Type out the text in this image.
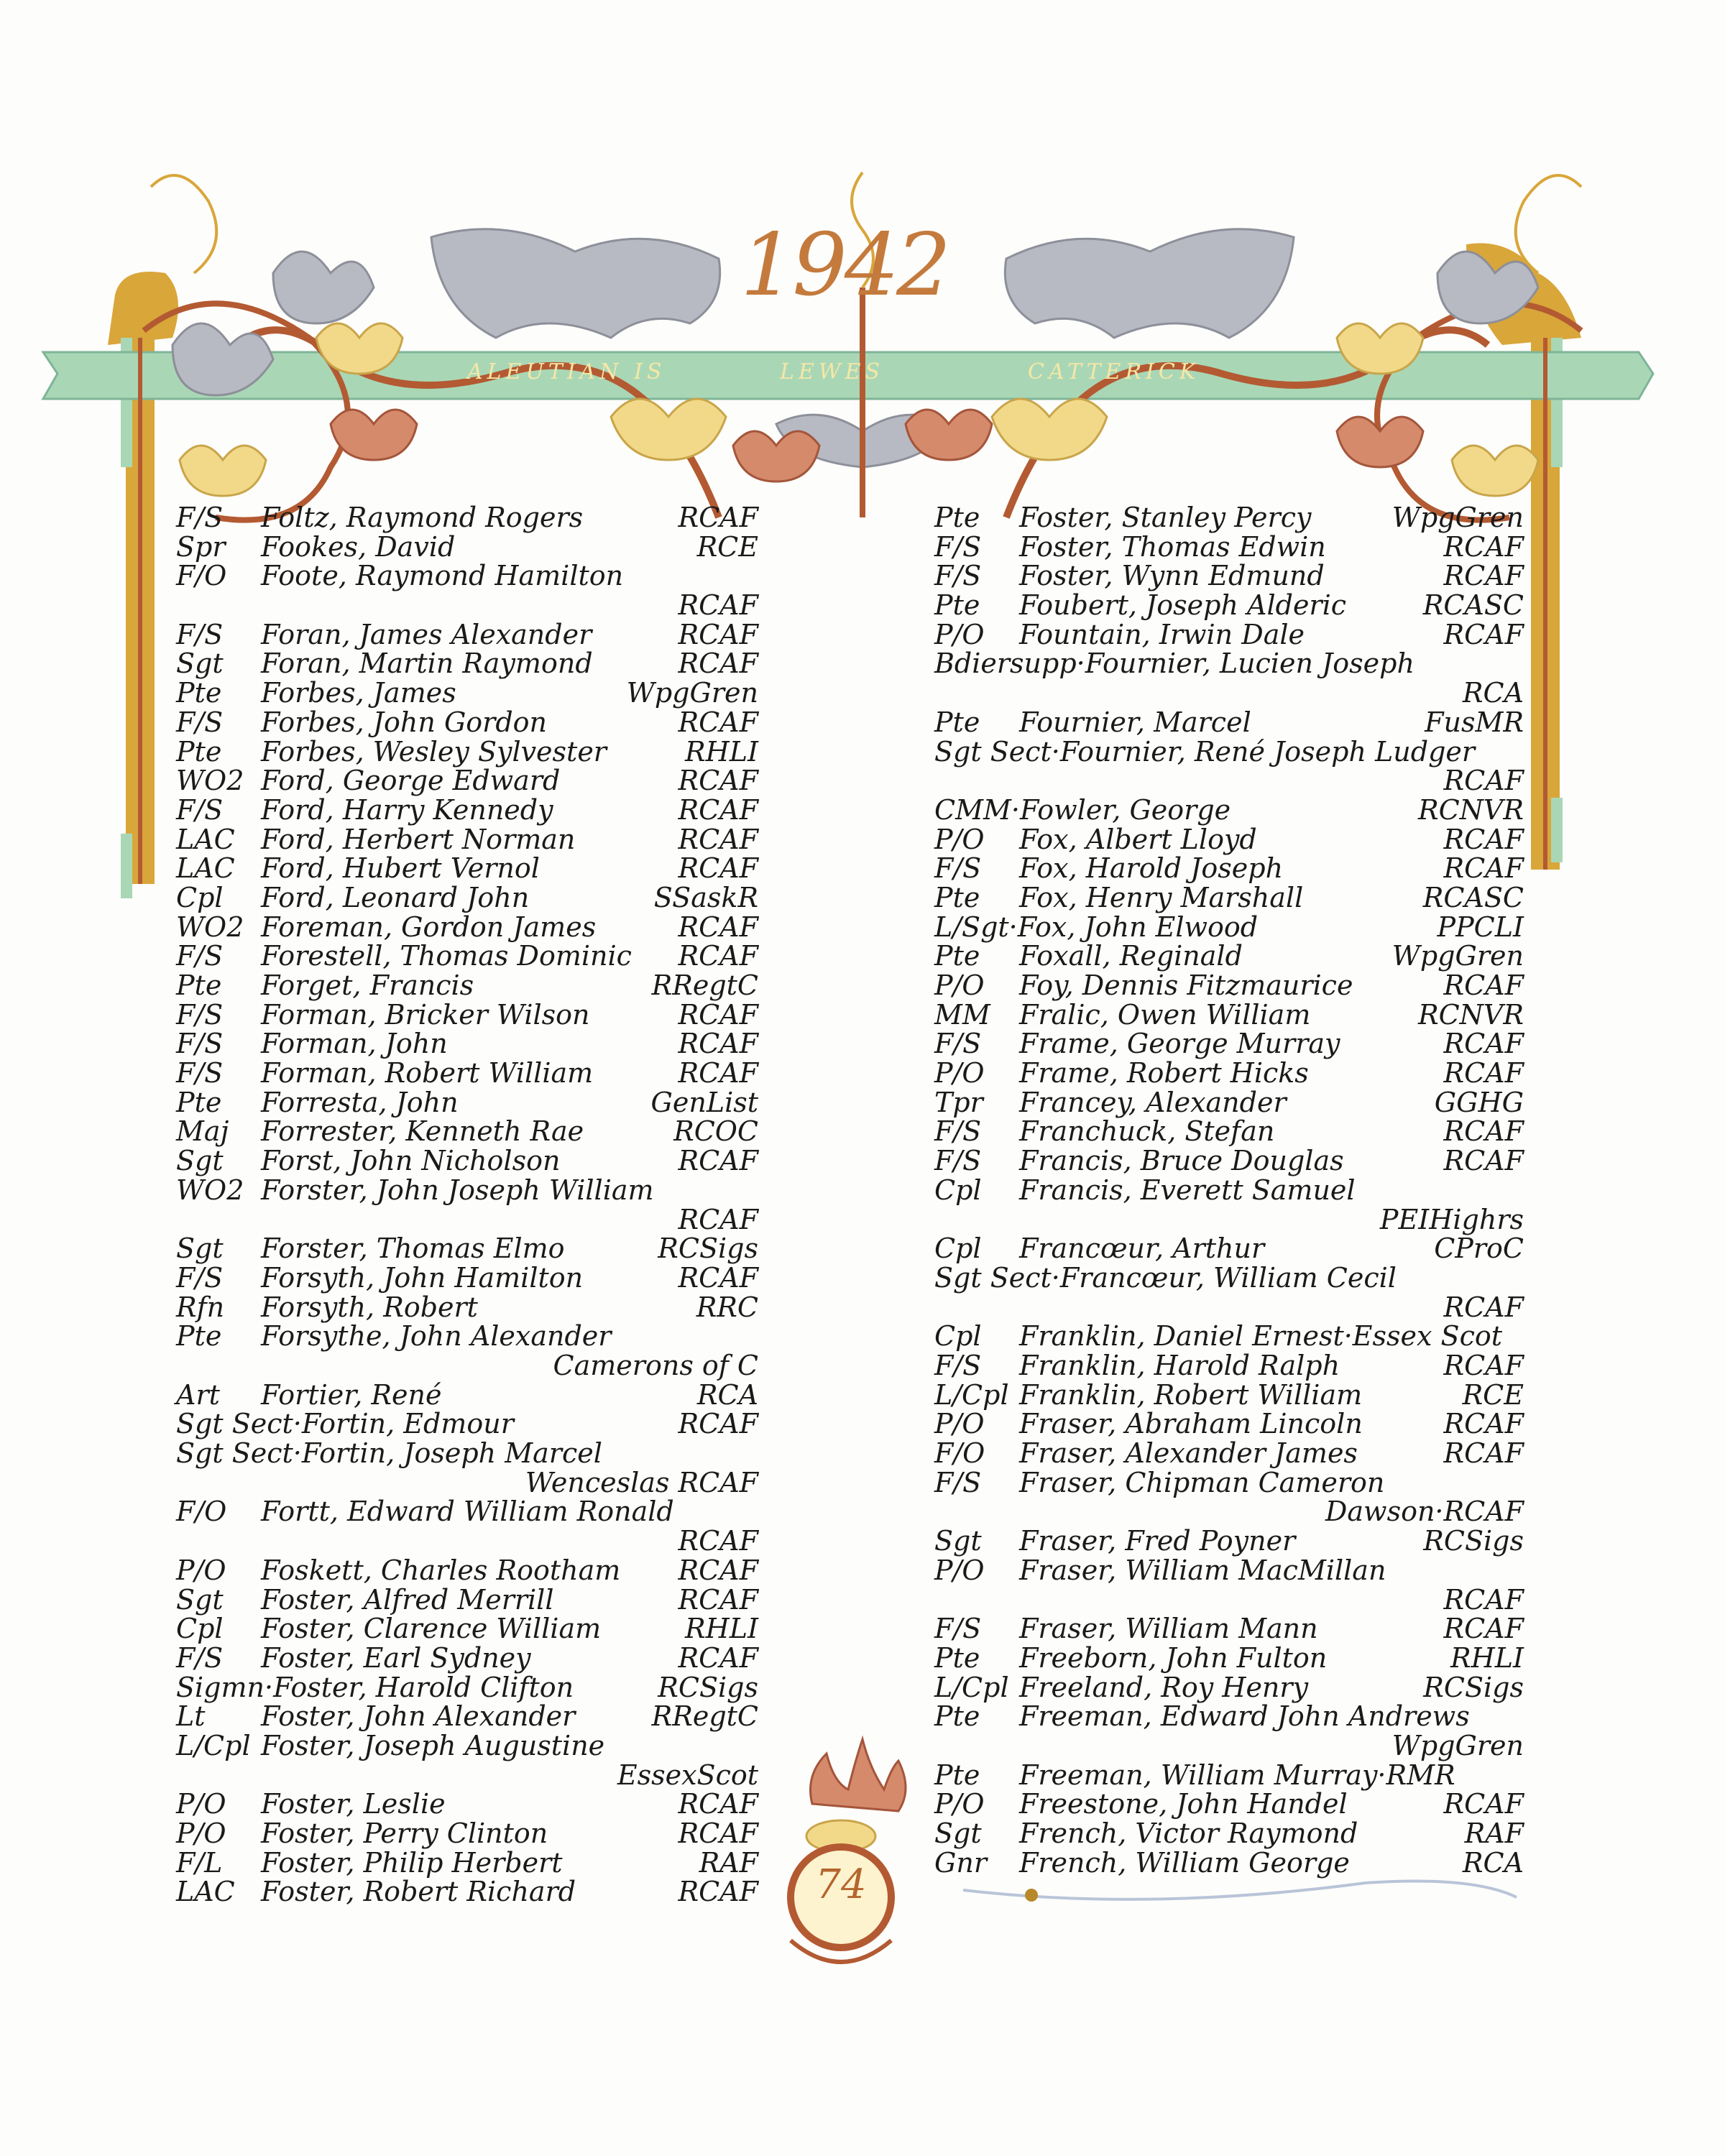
1942
ALEUTIAN IS	LEWES	CATTERICK
74
F/S Foltz, Raymond Rogers	RCAF
Spr Fookes, David	RCE
F/O Foote, Raymond Hamilton
RCAF
F/S Foran, James Alexander	RCAF
Sgt Foran, Martin Raymond	RCAF
Pte Forbes, James	WpgGren
F/S Forbes, John Gordon	RCAF
Pte Forbes, Wesley Sylvester	RHLI
WO2 Ford, George Edward	RCAF
F/S Ford, Harry Kennedy	RCAF
LAC Ford, Herbert Norman	RCAF
LAC Ford, Hubert Vernol	RCAF
Cpl Ford, Leonard John	SSaskR
WO2 Foreman, Gordon James	RCAF
F/S Forestell, Thomas Dominic RCAF
Pte Forget, Francis	RRegtC
F/S Forman, Bricker Wilson	RCAF
F/S Forman, John	RCAF
F/S Forman, Robert William	RCAF
Pte Forresta, John	GenList
Maj Forrester, Kenneth Rae	RCOC
Sgt Forst, John Nicholson	RCAF
WO2 Forster, John Joseph William
RCAF
Sgt Forster, Thomas Elmo	RCSigs
F/S Forsyth, John Hamilton	RCAF
Rfn Forsyth, Robert	RRC
Pte Forsythe, John Alexander
Camerons of C
Art Fortier, René	RCA
Sgt Sect·Fortin, Edmour	RCAF
Sgt Sect·Fortin, Joseph Marcel
Wenceslas RCAF
F/O Fortt, Edward William Ronald
RCAF
P/O Foskett, Charles Rootham RCAF
Sgt Foster, Alfred Merrill	RCAF
Cpl Foster, Clarence William	RHLI
F/S Foster, Earl Sydney	RCAF
Sigmn·Foster, Harold Clifton	RCSigs
Lt Foster, John Alexander	RRegtC
L/Cpl Foster, Joseph Augustine
EssexScot
P/O Foster, Leslie	RCAF
P/O Foster, Perry Clinton	RCAF
F/L Foster, Philip Herbert	RAF
LAC Foster, Robert Richard	RCAF
Pte Foster, Stanley Percy	WpgGren
F/S Foster, Thomas Edwin	RCAF
F/S Foster, Wynn Edmund	RCAF
Pte Foubert, Joseph Alderic	RCASC
P/O Fountain, Irwin Dale	RCAF
Bdiersupp·Fournier, Lucien Joseph
RCA
Pte Fournier, Marcel	FusMR
Sgt Sect·Fournier, René Joseph Ludger
RCAF
CMM·Fowler, George	RCNVR
P/O Fox, Albert Lloyd	RCAF
F/S Fox, Harold Joseph	RCAF
Pte Fox, Henry Marshall	RCASC
L/Sgt·Fox, John Elwood	PPCLI
Pte Foxall, Reginald	WpgGren
P/O Foy, Dennis Fitzmaurice	RCAF
MM Fralic, Owen William	RCNVR
F/S Frame, George Murray	RCAF
P/O Frame, Robert Hicks	RCAF
Tpr Francey, Alexander	GGHG
F/S Franchuck, Stefan	RCAF
F/S Francis, Bruce Douglas	RCAF
Cpl Francis, Everett Samuel
PEIHighrs
Cpl Francœur, Arthur	CProC
Sgt Sect·Francœur, William Cecil
RCAF
Cpl Franklin, Daniel Ernest·Essex Scot
F/S Franklin, Harold Ralph	RCAF
L/Cpl Franklin, Robert William	RCE
P/O Fraser, Abraham Lincoln	RCAF
F/O Fraser, Alexander James	RCAF
F/S Fraser, Chipman Cameron
Dawson·RCAF
Sgt Fraser, Fred Poyner	RCSigs
P/O Fraser, William MacMillan
RCAF
F/S Fraser, William Mann	RCAF
Pte Freeborn, John Fulton	RHLI
L/Cpl Freeland, Roy Henry	RCSigs
Pte Freeman, Edward John Andrews
WpgGren
Pte Freeman, William Murray·RMR
P/O Freestone, John Handel	RCAF
Sgt French, Victor Raymond	RAF
Gnr French, William George	RCA
